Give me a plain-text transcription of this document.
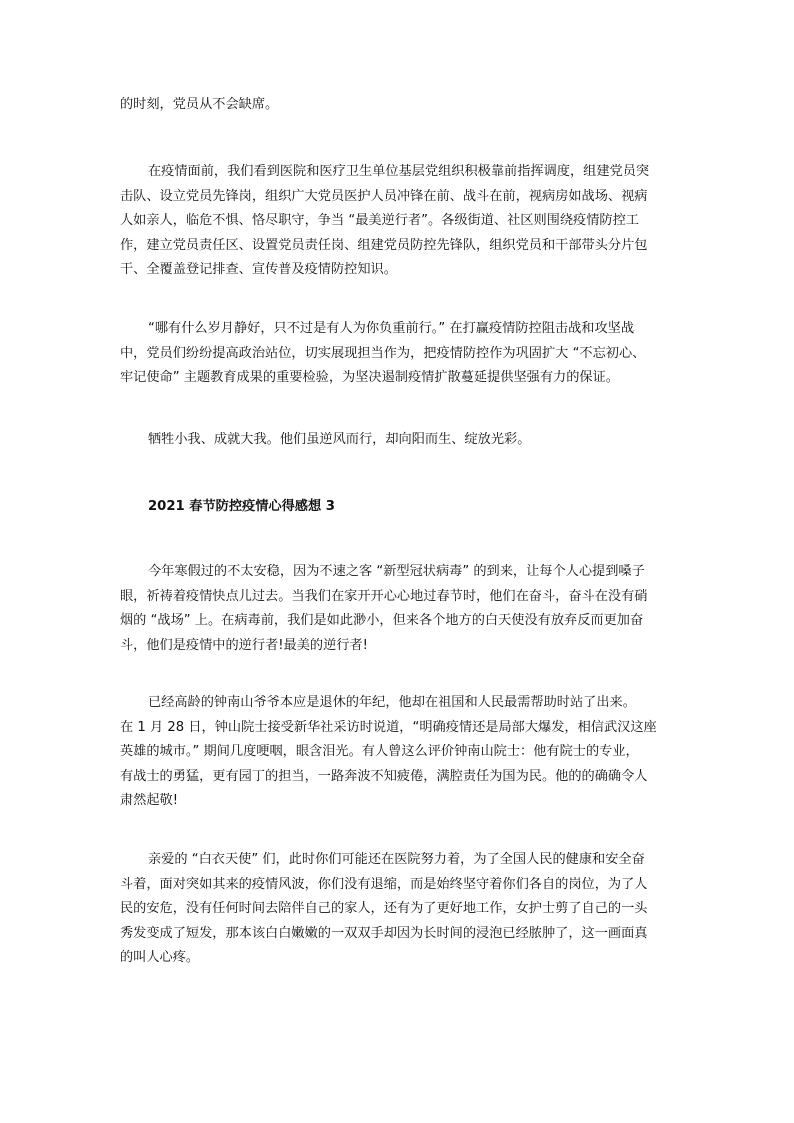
的时刻，党员从不会缺席。

在疫情面前，我们看到医院和医疗卫生单位基层党组织积极靠前指挥调度，组建党员突
击队、设立党员先锋岗，组织广大党员医护人员冲锋在前、战斗在前，视病房如战场、视病
人如亲人，临危不惧、恪尽职守，争当 “最美逆行者”。各级街道、社区则围绕疫情防控工
作，建立党员责任区、设置党员责任岗、组建党员防控先锋队，组织党员和干部带头分片包
干、全覆盖登记排查、宣传普及疫情防控知识。

“哪有什么岁月静好，只不过是有人为你负重前行。” 在打赢疫情防控阻击战和攻坚战
中，党员们纷纷提高政治站位，切实展现担当作为，把疫情防控作为巩固扩大 “不忘初心、
牢记使命” 主题教育成果的重要检验，为坚决遏制疫情扩散蔓延提供坚强有力的保证。

牺牲小我、成就大我。他们虽逆风而行，却向阳而生、绽放光彩。

2021 春节防控疫情心得感想 3

今年寒假过的不太安稳，因为不速之客 “新型冠状病毒” 的到来，让每个人心提到嗓子
眼，祈祷着疫情快点儿过去。当我们在家开开心心地过春节时，他们在奋斗，奋斗在没有硝
烟的 “战场” 上。在病毒前，我们是如此渺小，但来各个地方的白天使没有放弃反而更加奋
斗，他们是疫情中的逆行者!最美的逆行者!

已经高龄的钟南山爷爷本应是退休的年纪，他却在祖国和人民最需帮助时站了出来。
在 1 月 28 日，钟山院士接受新华社采访时说道，“明确疫情还是局部大爆发，相信武汉这座
英雄的城市。” 期间几度哽咽，眼含泪光。有人曾这么评价钟南山院士：他有院士的专业，
有战士的勇猛，更有园丁的担当，一路奔波不知疲倦，满腔责任为国为民。他的的确确令人
肃然起敬!

亲爱的 “白衣天使” 们，此时你们可能还在医院努力着，为了全国人民的健康和安全奋
斗着，面对突如其来的疫情风波，你们没有退缩，而是始终坚守着你们各自的岗位，为了人
民的安危，没有任何时间去陪伴自己的家人，还有为了更好地工作，女护士剪了自己的一头
秀发变成了短发，那本该白白嫩嫩的一双双手却因为长时间的浸泡已经脓肿了，这一画面真
的叫人心疼。
